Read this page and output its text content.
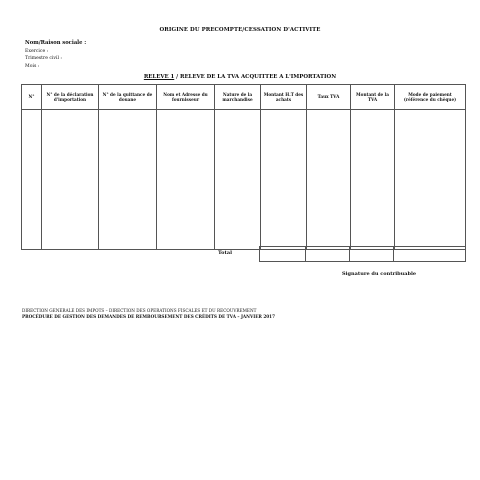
ORIGINE DU PRECOMPTE/CESSATION D'ACTIVITE
Nom/Raison sociale :
Exercice :
Trimestre civil :
Mois :
RELEVE 1 / RELEVE DE LA TVA ACQUITTEE A L'IMPORTATION
N°	N° de la déclaration d'importation	N° de la quittance de douane	Nom et Adresse du fournisseur	Nature de la marchandise	Montant H.T des achats	Taux TVA	Montant de la TVA	Mode de paiement (référence du chèque)

Total

Signature du contribuable
DIRECTION GENERALE DES IMPOTS – DIRECTION DES OPERATIONS FISCALES ET DU RECOUVREMENT
PROCÉDURE DE GESTION DES DEMANDES DE REMBOURSEMENT DES CRÉDITS DE TVA – JANVIER 2017
